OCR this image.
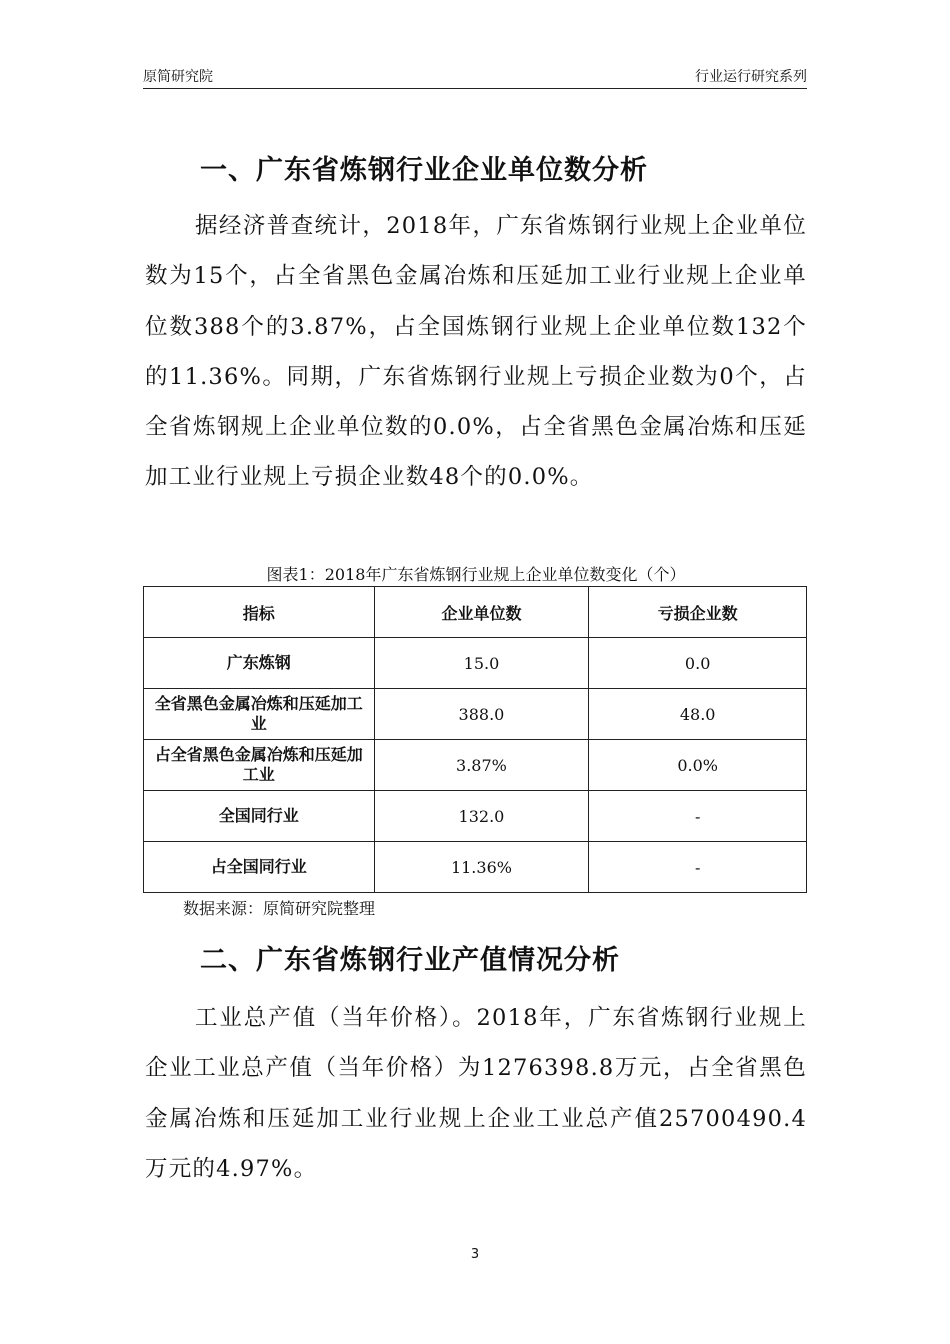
原简研究院	行业运行研究系列
一、广东省炼钢行业企业单位数分析

据经济普查统计，2018年，广东省炼钢行业规上企业单位数为15个，占全省黑色金属冶炼和压延加工业行业规上企业单位数388个的3.87%，占全国炼钢行业规上企业单位数132个的11.36%。同期，广东省炼钢行业规上亏损企业数为0个，占全省炼钢规上企业单位数的0.0%，占全省黑色金属冶炼和压延加工业行业规上亏损企业数48个的0.0%。

图表1：2018年广东省炼钢行业规上企业单位数变化（个）
指标	企业单位数	亏损企业数
广东炼钢	15.0	0.0
全省黑色金属冶炼和压延加工业	388.0	48.0
占全省黑色金属冶炼和压延加工业	3.87%	0.0%
全国同行业	132.0	-
占全国同行业	11.36%	-
数据来源：原简研究院整理
二、广东省炼钢行业产值情况分析

工业总产值（当年价格）。2018年，广东省炼钢行业规上企业工业总产值（当年价格）为1276398.8万元，占全省黑色金属冶炼和压延加工业行业规上企业工业总产值25700490.4万元的4.97%。

3
